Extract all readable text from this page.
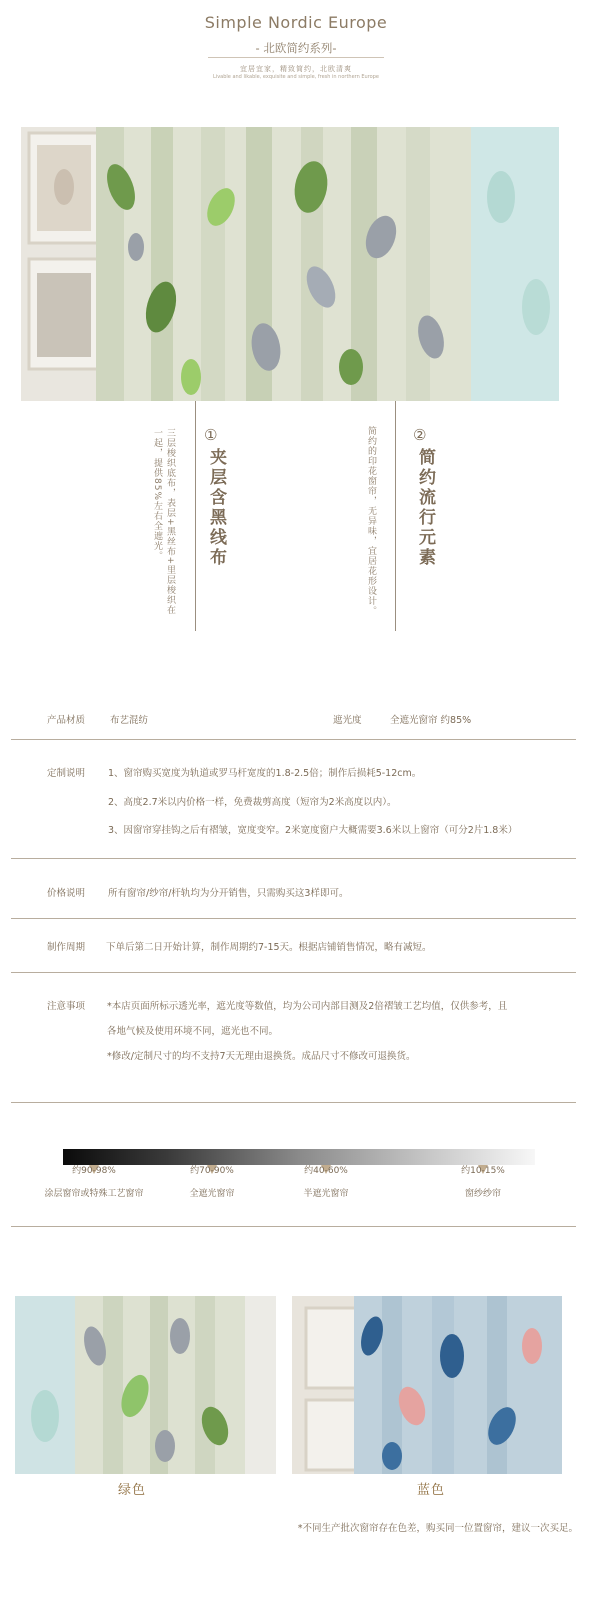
Simple Nordic Europe
- 北欧简约系列-
宜居宜家，精致简约，北欧清爽
Livable and likable, exquisite and simple, fresh in northern Europe
三层梭织底布，表层+黑丝布+里层梭织在一起，提供85%左右全遮光。	①
夹层含黑线布	简约的印花窗帘，无异味，宜居花形设计。 ②
简约流行元素
产品材质	布艺混纺	遮光度	全遮光窗帘 约85%
定制说明 1、窗帘购买宽度为轨道或罗马杆宽度的1.8-2.5倍；制作后损耗5-12cm。
2、高度2.7米以内价格一样，免费裁剪高度（短帘为2米高度以内）。
3、因窗帘穿挂钩之后有褶皱，宽度变窄。2米宽度窗户大概需要3.6米以上窗帘（可分2片1.8米）
价格说明 所有窗帘/纱帘/杆轨均为分开销售，只需购买这3样即可。
制作周期 下单后第二日开始计算，制作周期约7-15天。根据店铺销售情况，略有减短。
注意事项 *本店页面所标示透光率，遮光度等数值，均为公司内部目测及2倍褶皱工艺均值，仅供参考，且
各地气候及使用环境不同，遮光也不同。
*修改/定制尺寸的均不支持7天无理由退换货。成品尺寸不修改可退换货。
约90-98%	约70-90%	约40-60%	约10-15%
涂层窗帘或特殊工艺窗帘	全遮光窗帘	半遮光窗帘	窗纱纱帘
绿色	蓝色
*不同生产批次窗帘存在色差，购买同一位置窗帘，建议一次买足。
